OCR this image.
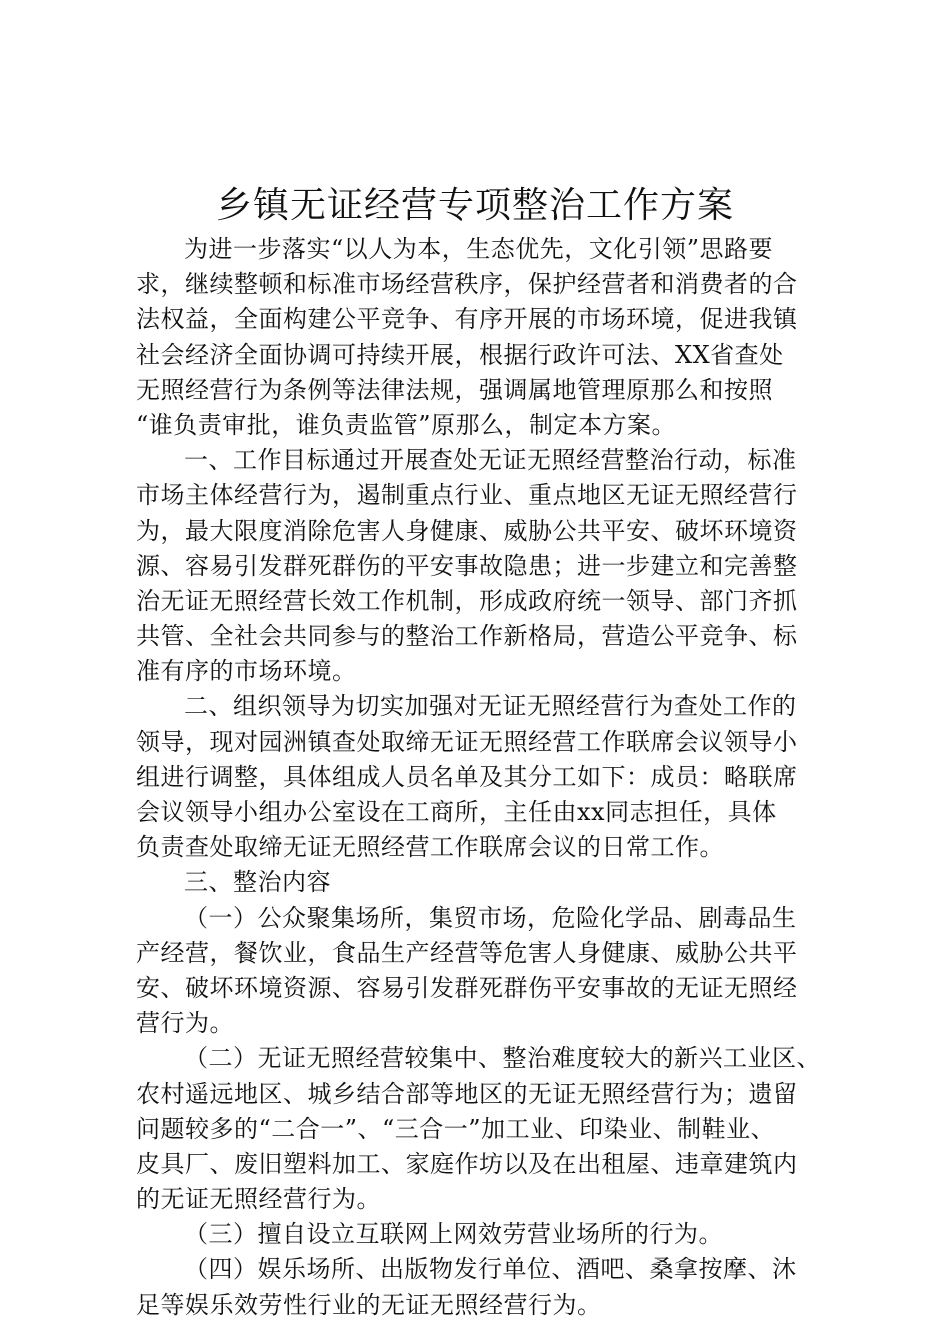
乡镇无证经营专项整治工作方案
为进一步落实“以人为本，生态优先，文化引领”思路要
求，继续整顿和标准市场经营秩序，保护经营者和消费者的合
法权益，全面构建公平竞争、有序开展的市场环境，促进我镇
社会经济全面协调可持续开展，根据行政许可法、XX省查处
无照经营行为条例等法律法规，强调属地管理原那么和按照
“谁负责审批，谁负责监管”原那么，制定本方案。
一、工作目标通过开展查处无证无照经营整治行动，标准
市场主体经营行为，遏制重点行业、重点地区无证无照经营行
为，最大限度消除危害人身健康、威胁公共平安、破坏环境资
源、容易引发群死群伤的平安事故隐患；进一步建立和完善整
治无证无照经营长效工作机制，形成政府统一领导、部门齐抓
共管、全社会共同参与的整治工作新格局，营造公平竞争、标
准有序的市场环境。
二、组织领导为切实加强对无证无照经营行为查处工作的
领导，现对园洲镇查处取缔无证无照经营工作联席会议领导小
组进行调整，具体组成人员名单及其分工如下：成员：略联席
会议领导小组办公室设在工商所，主任由xx同志担任，具体
负责查处取缔无证无照经营工作联席会议的日常工作。
三、整治内容
（一）公众聚集场所，集贸市场，危险化学品、剧毒品生
产经营，餐饮业，食品生产经营等危害人身健康、威胁公共平
安、破坏环境资源、容易引发群死群伤平安事故的无证无照经
营行为。
（二）无证无照经营较集中、整治难度较大的新兴工业区、
农村遥远地区、城乡结合部等地区的无证无照经营行为；遗留
问题较多的“二合一”、“三合一”加工业、印染业、制鞋业、
皮具厂、废旧塑料加工、家庭作坊以及在出租屋、违章建筑内
的无证无照经营行为。
（三）擅自设立互联网上网效劳营业场所的行为。
（四）娱乐场所、出版物发行单位、酒吧、桑拿按摩、沐
足等娱乐效劳性行业的无证无照经营行为。
